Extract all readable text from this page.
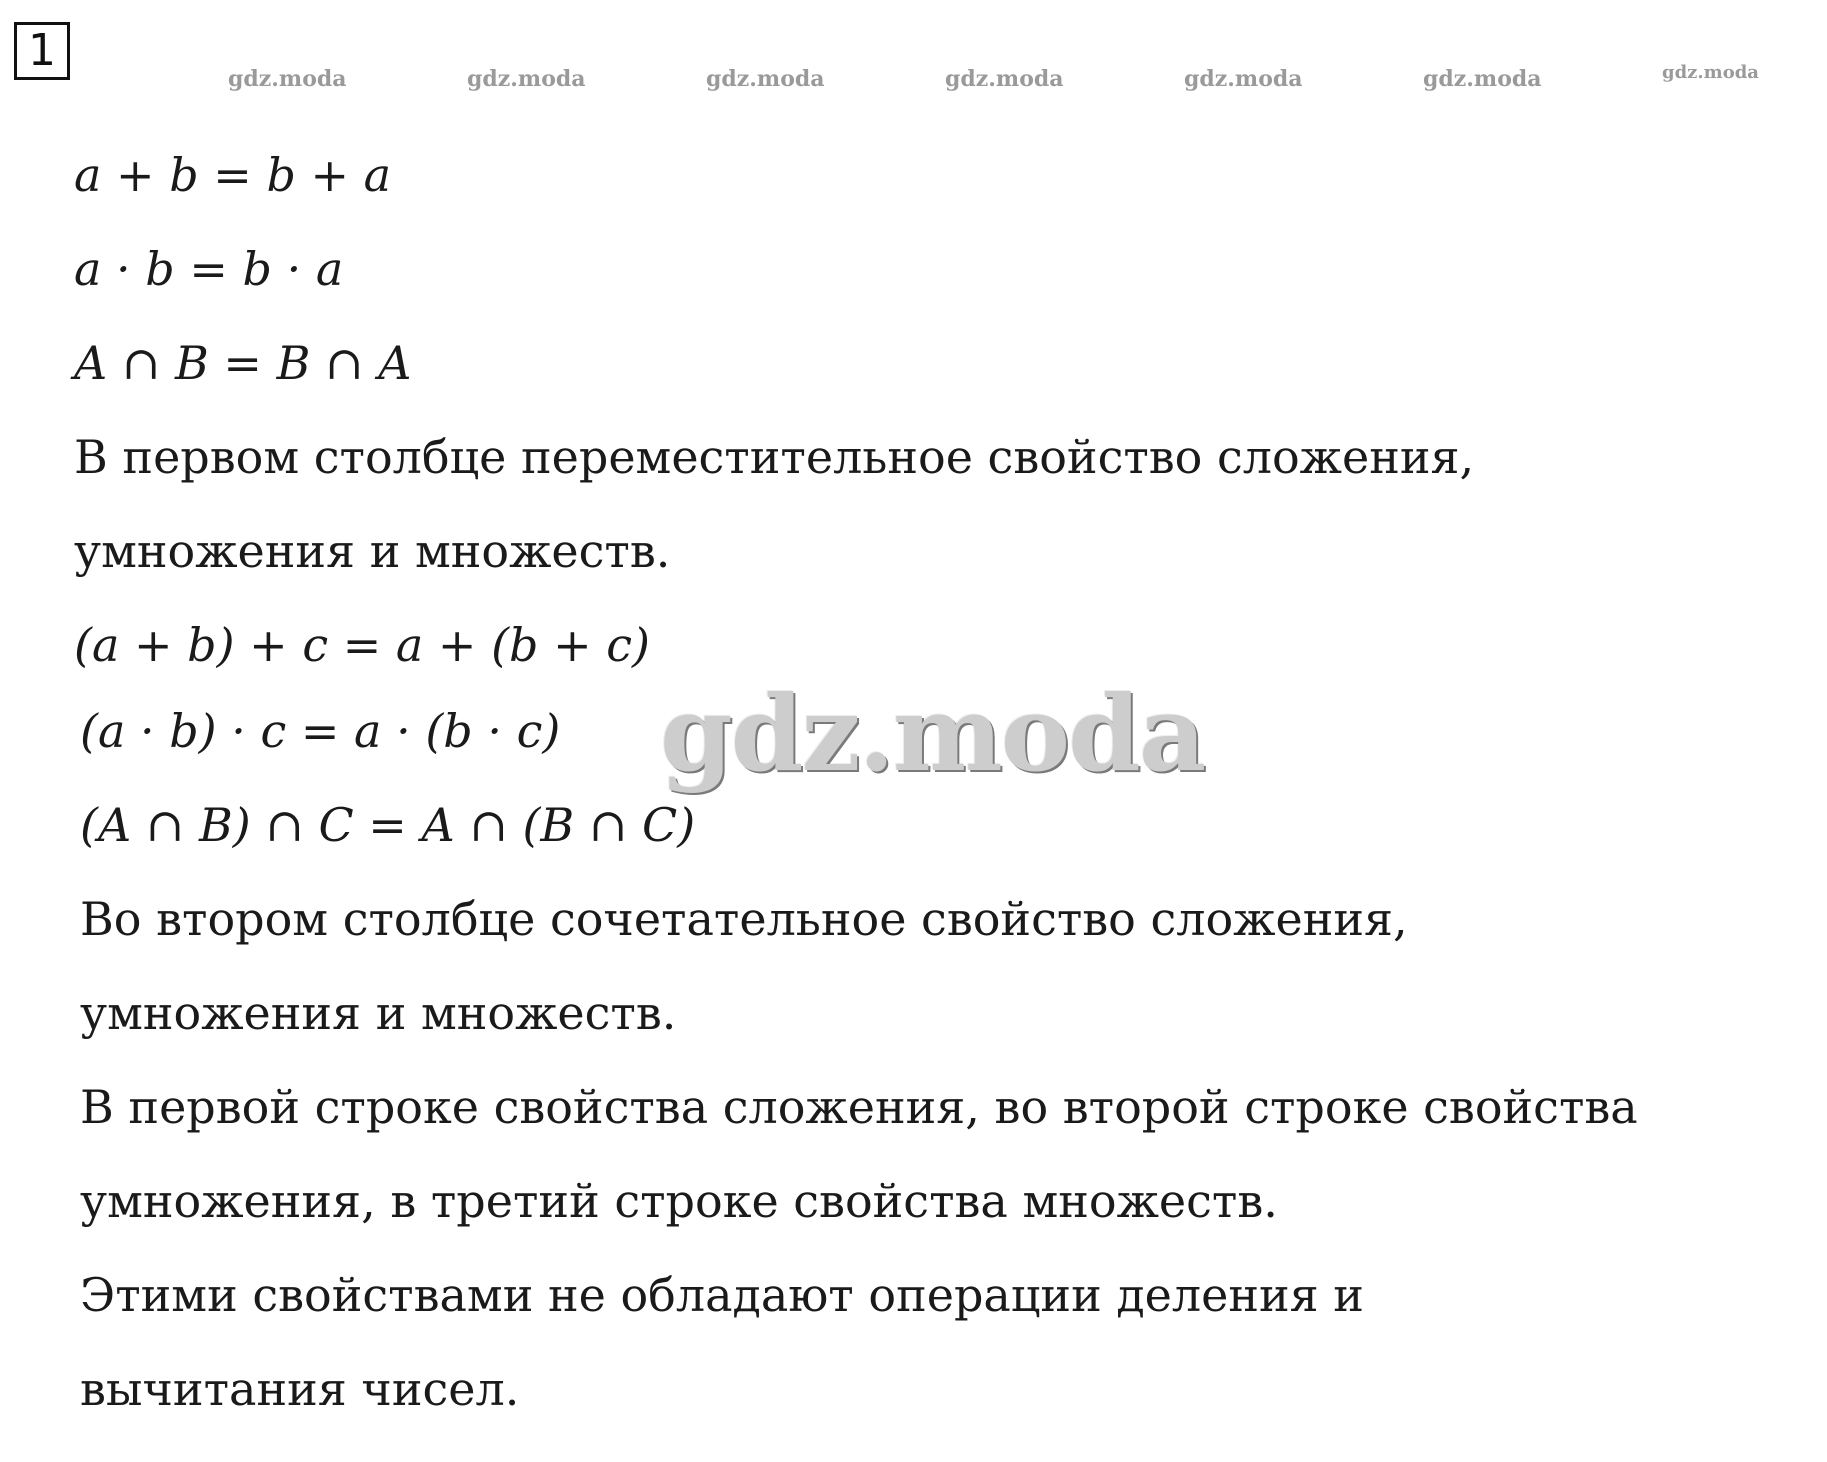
1
gdz.moda	gdz.moda	gdz.moda	gdz.moda	gdz.moda	gdz.moda	gdz.moda
a + b = b + a
a · b = b · a
A ∩ B = B ∩ A
В первом столбце переместительное свойство сложения,
умножения и множеств.
(a + b) + c = a + (b + c)
(a · b) · c = a · (b · c)
(A ∩ B) ∩ C = A ∩ (B ∩ C)
Во втором столбце сочетательное свойство сложения,
умножения и множеств.
В первой строке свойства сложения, во второй строке свойства
умножения, в третий строке свойства множеств.
Этими свойствами не обладают операции деления и
вычитания чисел.
gdz.moda
